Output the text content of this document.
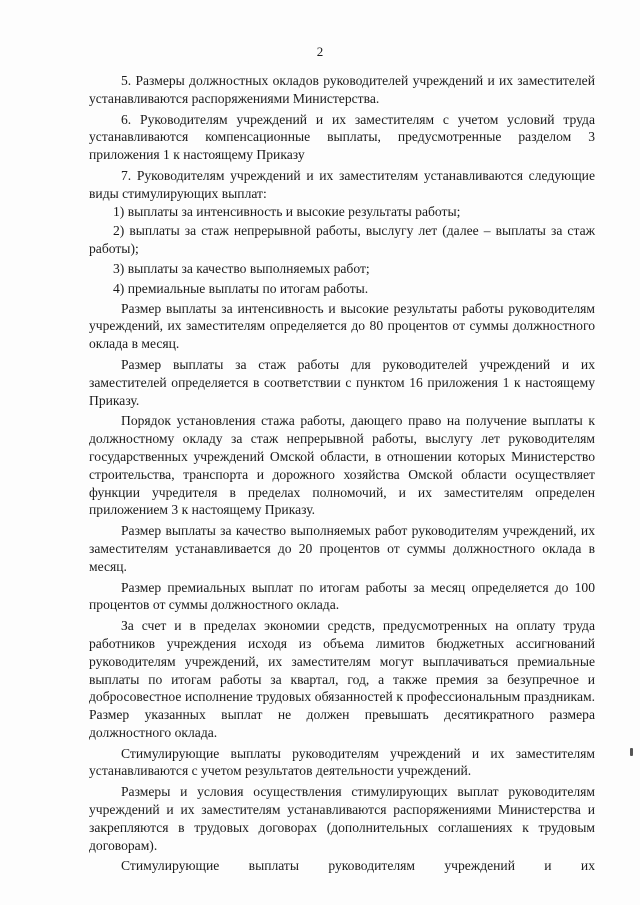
2

5. Размеры должностных окладов руководителей учреждений и их заместителей устанавливаются распоряжениями Министерства.

6. Руководителям учреждений и их заместителям с учетом условий труда устанавливаются компенсационные выплаты, предусмотренные разделом 3 приложения 1 к настоящему Приказу

7. Руководителям учреждений и их заместителям устанавливаются следующие виды стимулирующих выплат:

1) выплаты за интенсивность и высокие результаты работы;

2) выплаты за стаж непрерывной работы, выслугу лет (далее – выплаты за стаж работы);

3) выплаты за качество выполняемых работ;

4) премиальные выплаты по итогам работы.

Размер выплаты за интенсивность и высокие результаты работы руководителям учреждений, их заместителям определяется до 80 процентов от суммы должностного оклада в месяц.

Размер выплаты за стаж работы для руководителей учреждений и их заместителей определяется в соответствии с пунктом 16 приложения 1 к настоящему Приказу.

Порядок установления стажа работы, дающего право на получение выплаты к должностному окладу за стаж непрерывной работы, выслугу лет руководителям государственных учреждений Омской области, в отношении которых Министерство строительства, транспорта и дорожного хозяйства Омской области осуществляет функции учредителя в пределах полномочий, и их заместителям определен приложением 3 к настоящему Приказу.

Размер выплаты за качество выполняемых работ руководителям учреждений, их заместителям устанавливается до 20 процентов от суммы должностного оклада в месяц.

Размер премиальных выплат по итогам работы за месяц определяется до 100 процентов от суммы должностного оклада.

За счет и в пределах экономии средств, предусмотренных на оплату труда работников учреждения исходя из объема лимитов бюджетных ассигнований руководителям учреждений, их заместителям могут выплачиваться премиальные выплаты по итогам работы за квартал, год, а также премия за безупречное и добросовестное исполнение трудовых обязанностей к профессиональным праздникам. Размер указанных выплат не должен превышать десятикратного размера должностного оклада.

Стимулирующие выплаты руководителям учреждений и их заместителям устанавливаются с учетом результатов деятельности учреждений.

Размеры и условия осуществления стимулирующих выплат руководителям учреждений и их заместителям устанавливаются распоряжениями Министерства и закрепляются в трудовых договорах (дополнительных соглашениях к трудовым договорам).

Стимулирующие выплаты руководителям учреждений и их
